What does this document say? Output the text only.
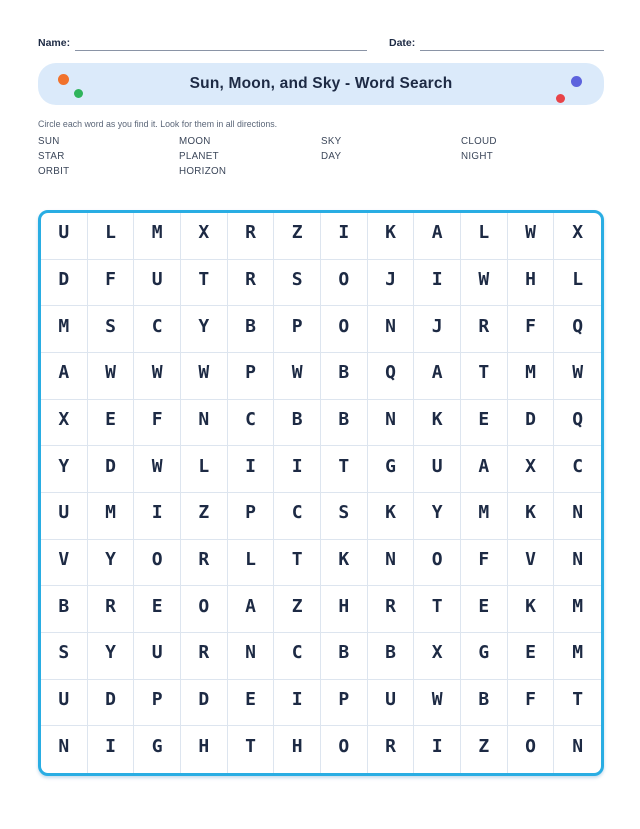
Name:	Date:
Sun, Moon, and Sky - Word Search
Circle each word as you find it. Look for them in all directions.
SUN
STAR
ORBIT
MOON
PLANET
HORIZON
SKY
DAY
CLOUD
NIGHT
U	L	M	X	R	Z	I	K	A	L	W	X
D	F	U	T	R	S	O	J	I	W	H	L
M	S	C	Y	B	P	O	N	J	R	F	Q
A	W	W	W	P	W	B	Q	A	T	M	W
X	E	F	N	C	B	B	N	K	E	D	Q
Y	D	W	L	I	I	T	G	U	A	X	C
U	M	I	Z	P	C	S	K	Y	M	K	N
V	Y	O	R	L	T	K	N	O	F	V	N
B	R	E	O	A	Z	H	R	T	E	K	M
S	Y	U	R	N	C	B	B	X	G	E	M
U	D	P	D	E	I	P	U	W	B	F	T
N	I	G	H	T	H	O	R	I	Z	O	N
